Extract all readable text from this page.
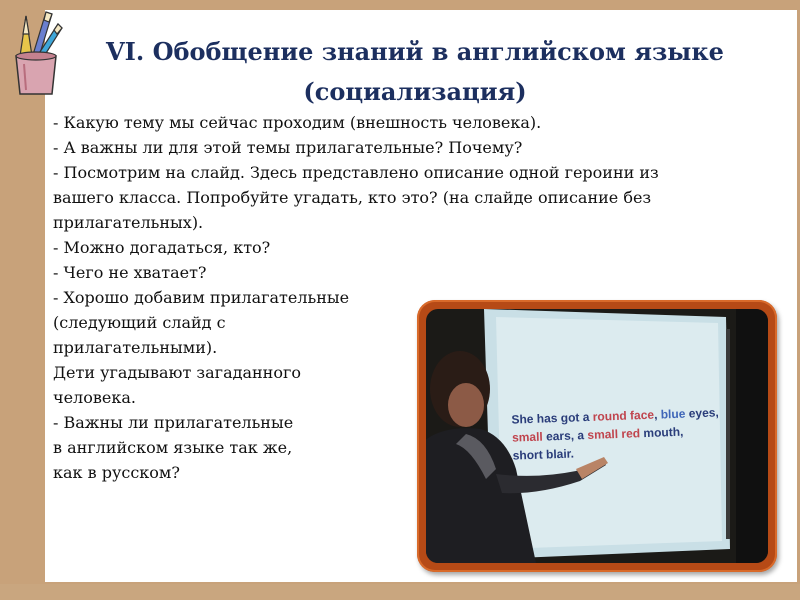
VI. Обобщение знаний в английском языке
(социализация)
- Какую тему мы сейчас проходим (внешность человека).
- А важны ли для этой темы прилагательные? Почему?
- Посмотрим на слайд. Здесь представлено описание одной героини из
вашего класса. Попробуйте угадать, кто это? (на слайде описание без
прилагательных).
- Можно догадаться, кто?
- Чего не хватает?
- Хорошо добавим прилагательные
(следующий слайд с
прилагательными).
Дети угадывают загаданного
человека.
- Важны ли прилагательные
в английском языке так же,
как в русском?
She has got a round face, blue eyes,
small ears, a small red mouth,
short blair.
